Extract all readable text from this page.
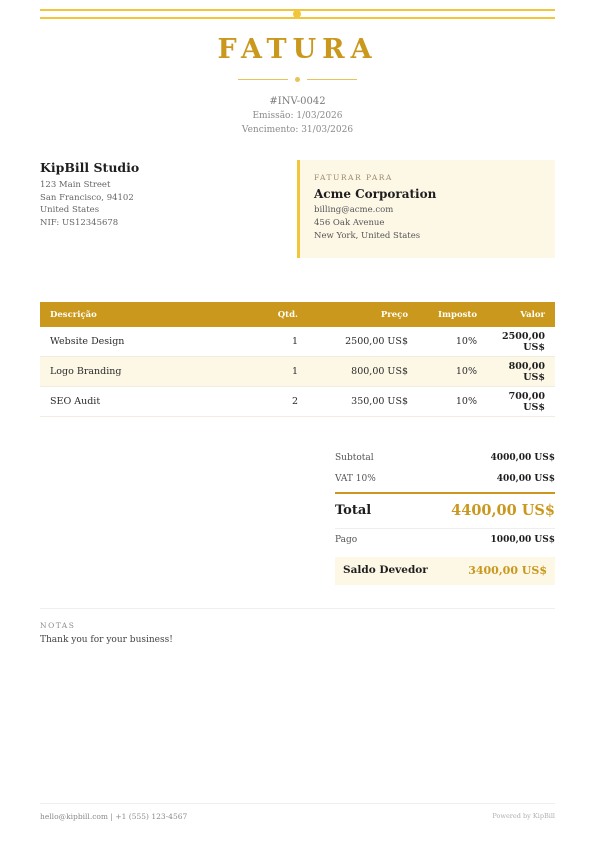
FATURA
#INV-0042
Emissão: 1/03/2026
Vencimento: 31/03/2026
KipBill Studio
123 Main Street
San Francisco, 94102
United States
NIF: US12345678
FATURAR PARA
Acme Corporation
billing@acme.com
456 Oak Avenue
New York, United States
Descrição	Qtd.	Preço	Imposto	Valor
Website Design	1	2500,00 US$	10%	2500,00 US$
Logo Branding	1	800,00 US$	10%	800,00 US$
SEO Audit	2	350,00 US$	10%	700,00 US$
Subtotal	4000,00 US$
VAT 10%	400,00 US$
Total	4400,00 US$
Pago	1000,00 US$
Saldo Devedor	3400,00 US$
NOTAS
Thank you for your business!
hello@kipbill.com | +1 (555) 123-4567	Powered by KipBill
